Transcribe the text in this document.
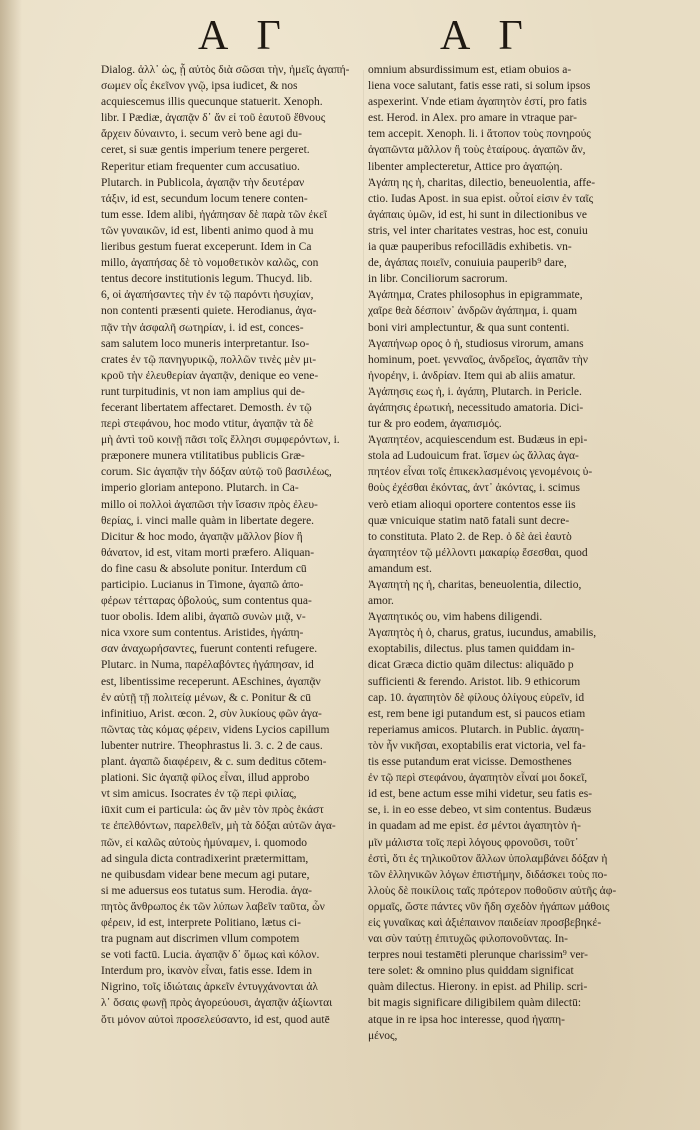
Α Γ	Α Γ
Dialog. ἀλλ᾽ ὡς, ᾗ αὐτὸς διὰ σῶσαι τὴν, ἡμεῖς ἀγαπή-
σωμεν οἷς ἐκεῖνον γνῷ, ipsa iudicet, & nos
acquiescemus illis quecunque statuerit. Xenoph.
libr. I Pædiæ, ἀγαπᾷν δ᾽ ἄν εἰ τοῦ ἑαυτοῦ ἔθνους
ἄρχειν δύναιντο, i. secum verò bene agi du-
ceret, si suæ gentis imperium tenere pergeret.
Reperitur etiam frequenter cum accusatiuo.
Plutarch. in Publicola, ἀγαπᾷν τὴν δευτέραν
τάξιν, id est, secundum locum tenere conten-
tum esse. Idem alibi, ἠγάπησαν δὲ παρὰ τῶν ἐκεῖ
τῶν γυναικῶν, id est, libenti animo quod à mu
lieribus gestum fuerat exceperunt. Idem in Ca
millo, ἀγαπήσας δὲ τὸ νομοθετικὸν καλῶς, con
tentus decore institutionis legum. Thucyd. lib.
6, οἱ ἀγαπήσαντες τὴν ἐν τῷ παρόντι ἡσυχίαν,
non contenti præsenti quiete. Herodianus, ἀγα-
πᾷν τὴν ἀσφαλῆ σωτηρίαν, i. id est, conces-
sam salutem loco muneris interpretantur. Iso-
crates ἐν τῷ πανηγυρικῷ, πολλῶν τινὲς μὲν μι-
κροῦ τὴν ἐλευθερίαν ἀγαπᾷν, denique eo vene-
runt turpitudinis, vt non iam amplius qui de-
fecerant libertatem affectaret. Demosth. ἐν τῷ
περὶ στεφάνου, hoc modo vtitur, ἀγαπᾷν τὰ δὲ
μὴ ἀντὶ τοῦ κοινῇ πᾶσι τοῖς ἕλλησι συμφερόντων, i.
præponere munera vtilitatibus publicis Græ-
corum. Sic ἀγαπᾷν τὴν δόξαν αὐτῷ τοῦ βασιλέως,
imperio gloriam antepono. Plutarch. in Ca-
millo οἱ πολλοὶ ἀγαπῶσι τὴν ἴσασιν πρὸς ἐλευ-
θερίας, i. vinci malle quàm in libertate degere.
Dicitur & hoc modo, ἀγαπᾷν μᾶλλον βίον ἢ
θάνατον, id est, vitam morti præfero. Aliquan-
do fine casu & absolute ponitur. Interdum cū
participio. Lucianus in Timone, ἀγαπῶ ἀπο-
φέρων τέτταρας ὀβολούς, sum contentus qua-
tuor obolis. Idem alibi, ἀγαπῶ συνὼν μιᾷ, v-
nica vxore sum contentus. Aristides, ἠγάπη-
σαν ἀναχωρήσαντες, fuerunt contenti refugere.
Plutarc. in Numa, παρέλαβόντες ἠγάπησαν, id
est, libentissime receperunt. AEschines, ἀγαπᾷν
ἐν αὐτῇ τῇ πολιτείᾳ μένων, & c. Ponitur & cū
infinitiuo, Arist. œcon. 2, σὺν λυκίους φῶν ἀγα-
πῶντας τὰς κόμας φέρειν, videns Lycios capillum
lubenter nutrire. Theophrastus li. 3. c. 2 de caus.
plant. ἀγαπῶ διαφέρειν, & c. sum deditus cōtem-
plationi. Sic ἀγαπᾷ φίλος εἶναι, illud approbo
vt sim amicus. Isocrates ἐν τῷ περὶ φιλίας,
iūxit cum ei particula: ὡς ἂν μὲν τὸν πρὸς ἑκάστ
τε ἐπελθόντων, παρελθεῖν, μὴ τὰ δόξαι αὐτῶν ἀγα-
πῶν, εἰ καλῶς αὐτοὺς ἠμύναμεν, i. quomodo
ad singula dicta contradixerint prætermittam,
ne quibusdam videar bene mecum agi putare,
si me aduersus eos tutatus sum. Herodia. ἀγα-
πητὸς ἄνθρωπος ἐκ τῶν λύπων λαβεῖν ταῦτα, ὧν
φέρειν, id est, interprete Politiano, lætus ci-
tra pugnam aut discrimen vllum compotem
se voti factū. Lucia. ἀγαπᾷν δ᾽ ὅμως καὶ κόλον.
Interdum pro, ἱκανὸν εἶναι, fatis esse. Idem in
Nigrino, τοῖς ἰδιώταις ἀρκεῖν ἐντυγχάνονται ἀλ
λ᾽ ὅσαις φωνῇ πρὸς ἀγορεύουσι, ἀγαπᾷν ἀξίωνται
ὅτι μόνον αὐτοὶ προσελεύσαντο, id est, quod autē
omnium absurdissimum est, etiam obuios a-
liena voce salutant, fatis esse rati, si solum ipsos
aspexerint. Vnde etiam ἀγαπητὸν ἐστί, pro fatis
est. Herod. in Alex. pro amare in vtraque par-
tem accepit. Xenoph. li. i ἄτοπον τοὺς πονηρούς
ἀγαπῶντα μᾶλλον ἢ τοὺς ἑταίρους. ἀγαπῶν ἄν,
libenter amplecteretur, Attice pro ἀγαπῴη.
Ἀγάπη ης ἡ, charitas, dilectio, beneuolentia, affe-
ctio. Iudas Apost. in sua epist. οὗτοί εἰσιν ἐν ταῖς
ἀγάπαις ὑμῶν, id est, hi sunt in dilectionibus ve
stris, vel inter charitates vestras, hoc est, conuiu
ia quæ pauperibus refocillādis exhibetis. vn-
de, ἀγάπας ποιεῖν, conuiuia pauperib⁹ dare,
in libr. Conciliorum sacrorum.
Ἀγάπημα, Crates philosophus in epigrammate,
χαῖρε θεὰ δέσποιν᾽ ἀνδρῶν ἀγάπημα, i. quam
boni viri amplectuntur, & qua sunt contenti.
Ἀγαπήνωρ ορος ὁ ἡ, studiosus virorum, amans
hominum, poet. γενναῖος, ἀνδρεῖος, ἀγαπᾶν τὴν
ἠνορέην, i. ἀνδρίαν. Item qui ab aliis amatur.
Ἀγάπησις εως ἡ, i. ἀγάπη, Plutarch. in Pericle.
ἀγάπησις ἐρωτική, necessitudo amatoria. Dici-
tur & pro eodem, ἀγαπισμός.
Ἀγαπητέον, acquiescendum est. Budæus in epi-
stola ad Ludouicum frat. ἴσμεν ὡς ἄλλας ἀγα-
πητέον εἶναι τοῖς ἐπικεκλασμένοις γενομένοις ὑ-
θοὺς ἐχέσθαι ἐκόντας, ἀντ᾽ ἀκόντας, i. scimus
verò etiam alioqui oportere contentos esse iis
quæ vnicuique statim natō fatali sunt decre-
to constituta. Plato 2. de Rep. ὁ δὲ ἀεὶ ἑαυτὸ
ἀγαπητέον τῷ μέλλοντι μακαρίῳ ἔσεσθαι, quod
amandum est.
Ἀγαπητὴ ης ἡ, charitas, beneuolentia, dilectio,
amor.
Ἀγαπητικός ου, vim habens diligendi.
Ἀγαπητὸς ἡ ὁ, charus, gratus, iucundus, amabilis,
exoptabilis, dilectus. plus tamen quiddam in-
dicat Græca dictio quām dilectus: aliquādo p
sufficienti & ferendo. Aristot. lib. 9 ethicorum
cap. 10. ἀγαπητὸν δὲ φίλους ὀλίγους εὑρεῖν, id
est, rem bene igi putandum est, si paucos etiam
reperiamus amicos. Plutarch. in Public. ἀγαπη-
τὸν ἦν νικῆσαι, exoptabilis erat victoria, vel fa-
tis esse putandum erat vicisse. Demosthenes
ἐν τῷ περὶ στεφάνου, ἀγαπητὸν εἶναί μοι δοκεῖ,
id est, bene actum esse mihi videtur, seu fatis es-
se, i. in eo esse debeo, vt sim contentus. Budæus
in quadam ad me epist. ἐσ μέντοι ἀγαπητὸν ἡ-
μῖν μάλιστα τοῖς περὶ λόγους φρονοῦσι, τοῦτ᾽
ἐστὶ, ὅτι ἐς τηλικοῦτον ἄλλων ὑπολαμβάνει δόξαν ἡ
τῶν ἑλληνικῶν λόγων ἐπιστήμην, διδάσκει τοὺς πο-
λλοὺς δὲ ποικίλοις ταῖς πρότερον ποθοῦσιν αὐτῆς ἀφ-
ορμαῖς, ὥστε πάντες νῦν ἤδη σχεδὸν ἠγάπων μάθοις
εἰς γυναῖκας καὶ ἀξιέπαινον παιδείαν προσβεβηκέ-
ναι σὺν ταύτῃ ἐπιτυχῶς φιλοπονοῦντας. In-
terpres noui testamēti plerunque charissim⁹ ver-
tere solet: & omnino plus quiddam significat
quàm dilectus. Hierony. in epist. ad Philip. scri-
bit magis significare diligibilem quàm dilectū:
atque in re ipsa hoc interesse, quod ἠγαπη-
μένος,
